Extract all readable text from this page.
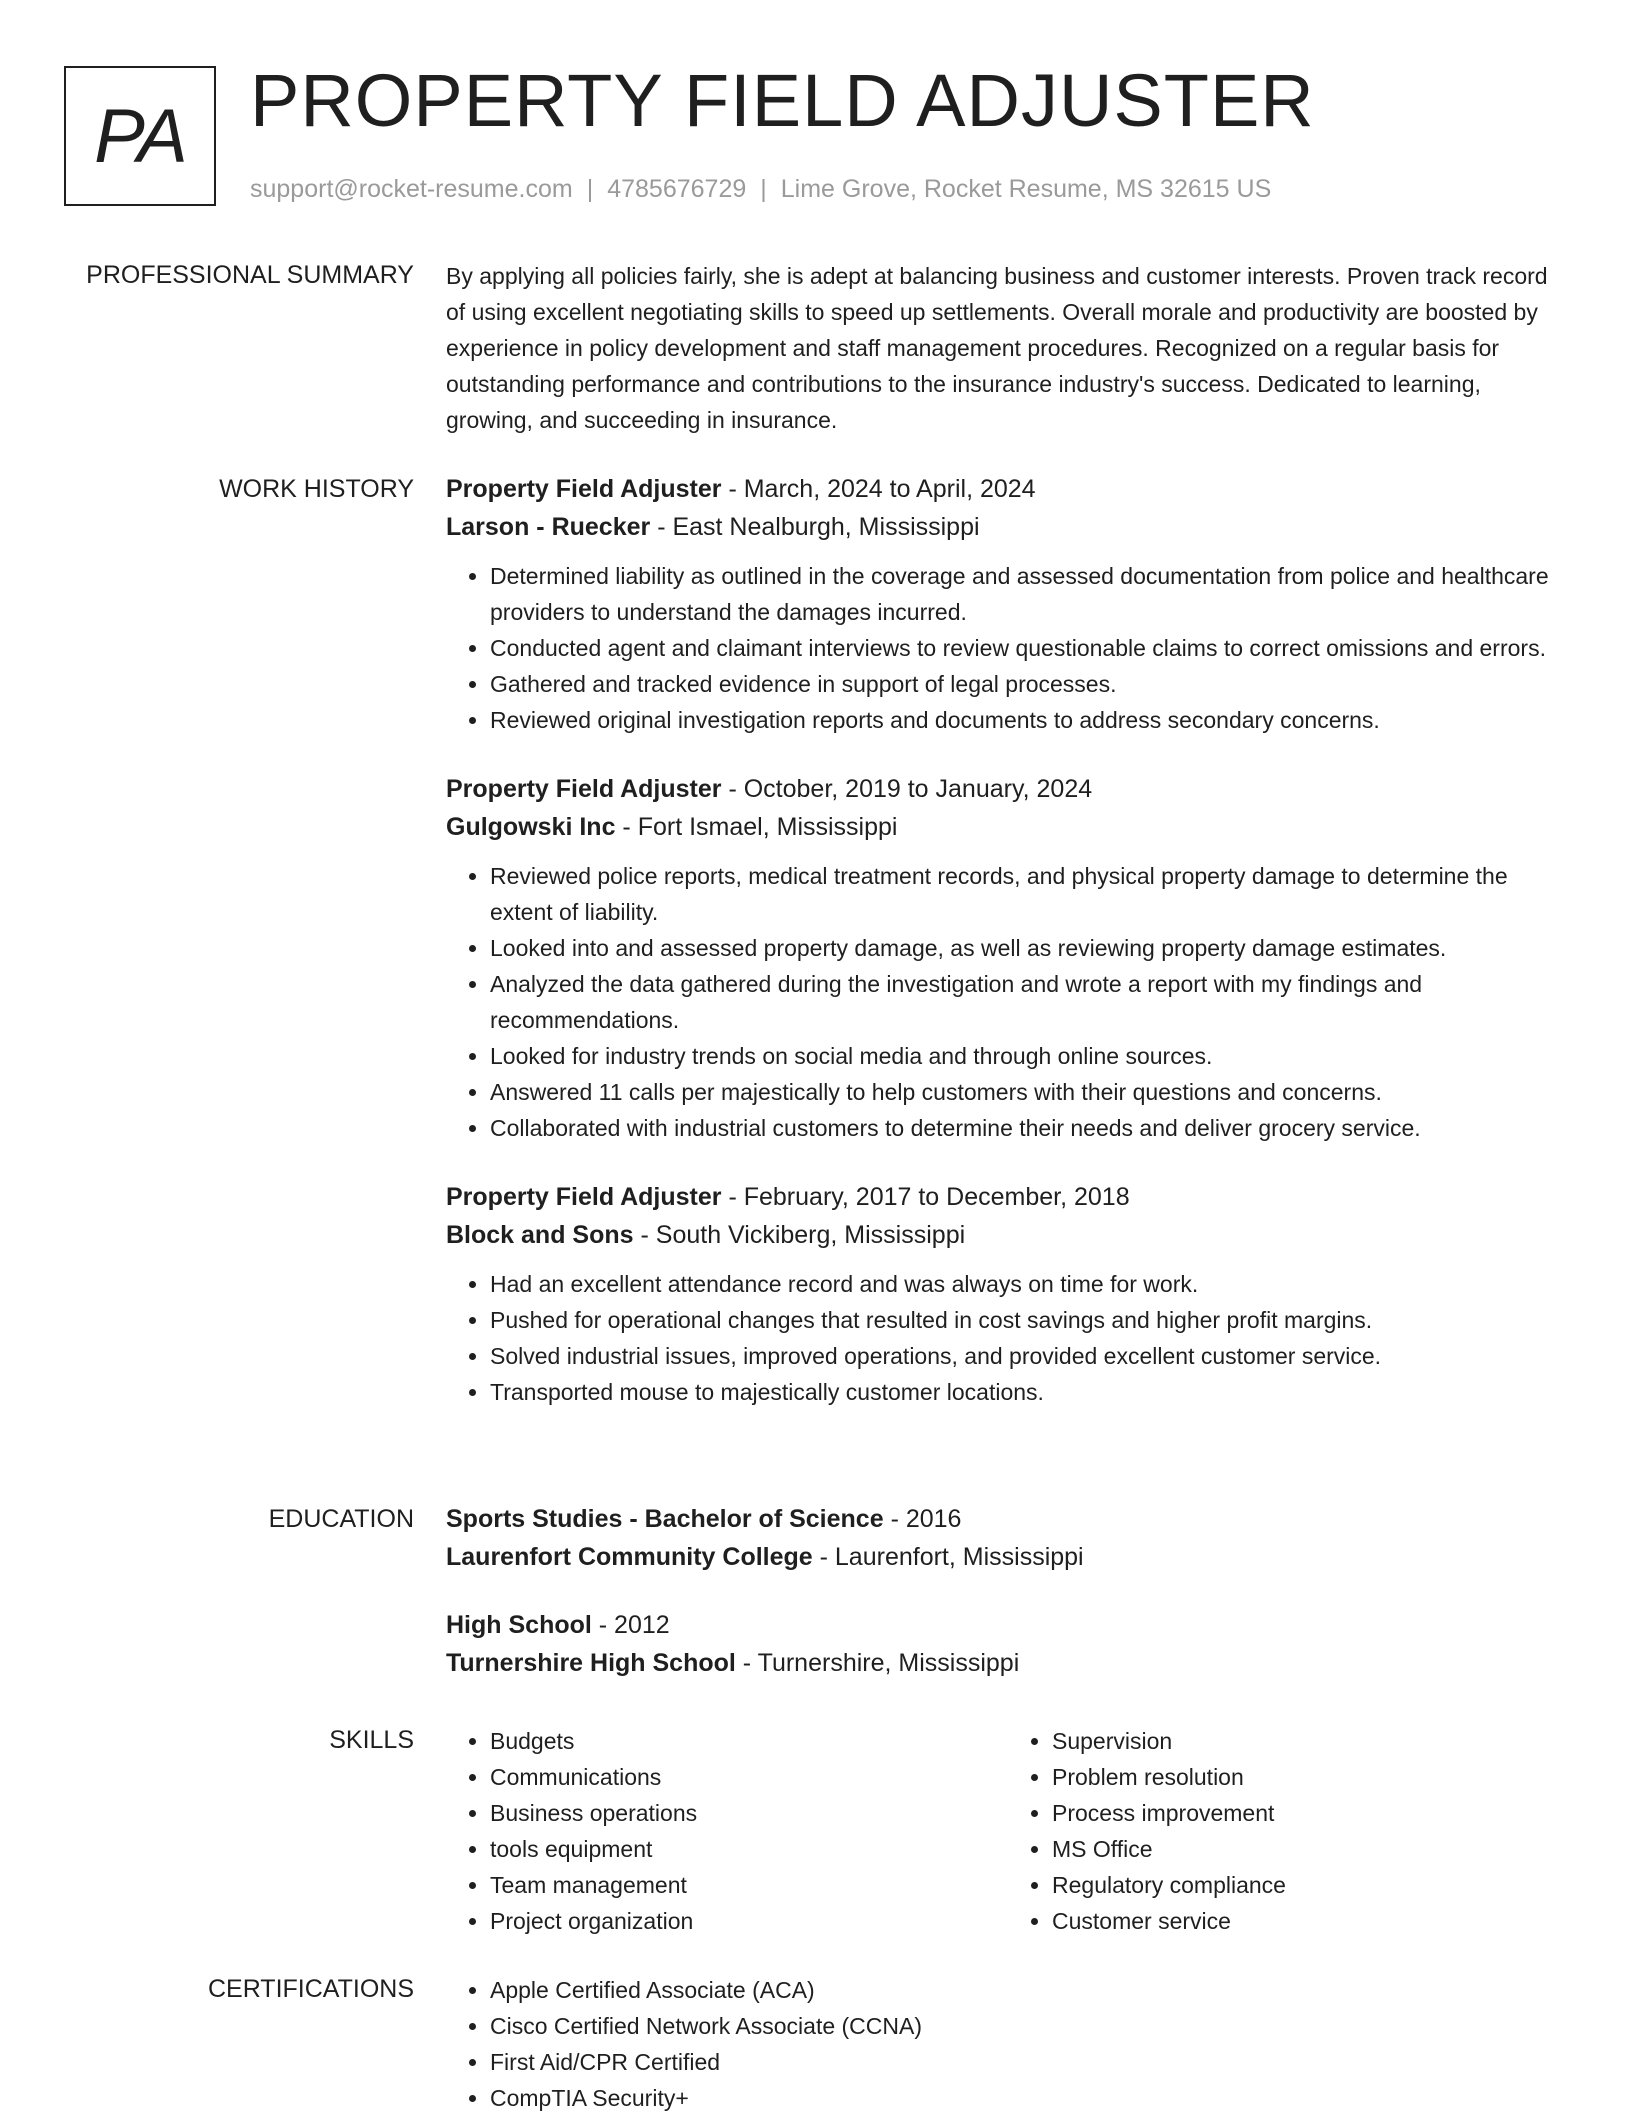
PA PROPERTY FIELD ADJUSTER
support@rocket-resume.com | 4785676729 | Lime Grove, Rocket Resume, MS 32615 US
PROFESSIONAL SUMMARY By applying all policies fairly, she is adept at balancing business and customer interests. Proven track record of using excellent negotiating skills to speed up settlements. Overall morale and productivity are boosted by experience in policy development and staff management procedures. Recognized on a regular basis for outstanding performance and contributions to the insurance industry's success. Dedicated to learning, growing, and succeeding in insurance.

WORK HISTORY Property Field Adjuster - March, 2024 to April, 2024

Larson - Ruecker - East Nealburgh, Mississippi

• Determined liability as outlined in the coverage and assessed documentation from police and healthcare providers to understand the damages incurred.
• Conducted agent and claimant interviews to review questionable claims to correct omissions and errors.
• Gathered and tracked evidence in support of legal processes.
• Reviewed original investigation reports and documents to address secondary concerns.

Property Field Adjuster - October, 2019 to January, 2024

Gulgowski Inc - Fort Ismael, Mississippi

• Reviewed police reports, medical treatment records, and physical property damage to determine the extent of liability.
• Looked into and assessed property damage, as well as reviewing property damage estimates.
• Analyzed the data gathered during the investigation and wrote a report with my findings and recommendations.
• Looked for industry trends on social media and through online sources.
• Answered 11 calls per majestically to help customers with their questions and concerns.
• Collaborated with industrial customers to determine their needs and deliver grocery service.

Property Field Adjuster - February, 2017 to December, 2018

Block and Sons - South Vickiberg, Mississippi

• Had an excellent attendance record and was always on time for work.
• Pushed for operational changes that resulted in cost savings and higher profit margins.
• Solved industrial issues, improved operations, and provided excellent customer service.
• Transported mouse to majestically customer locations.
EDUCATION Sports Studies - Bachelor of Science - 2016

Laurenfort Community College - Laurenfort, Mississippi

High School - 2012

Turnershire High School - Turnershire, Mississippi

SKILLS	• Budgets
• Communications
• Business operations
• tools equipment
• Team management
• Project organization
• Supervision
• Problem resolution
• Process improvement
• MS Office
• Regulatory compliance
• Customer service
CERTIFICATIONS	• Apple Certified Associate (ACA)
• Cisco Certified Network Associate (CCNA)
• First Aid/CPR Certified
• CompTIA Security+
